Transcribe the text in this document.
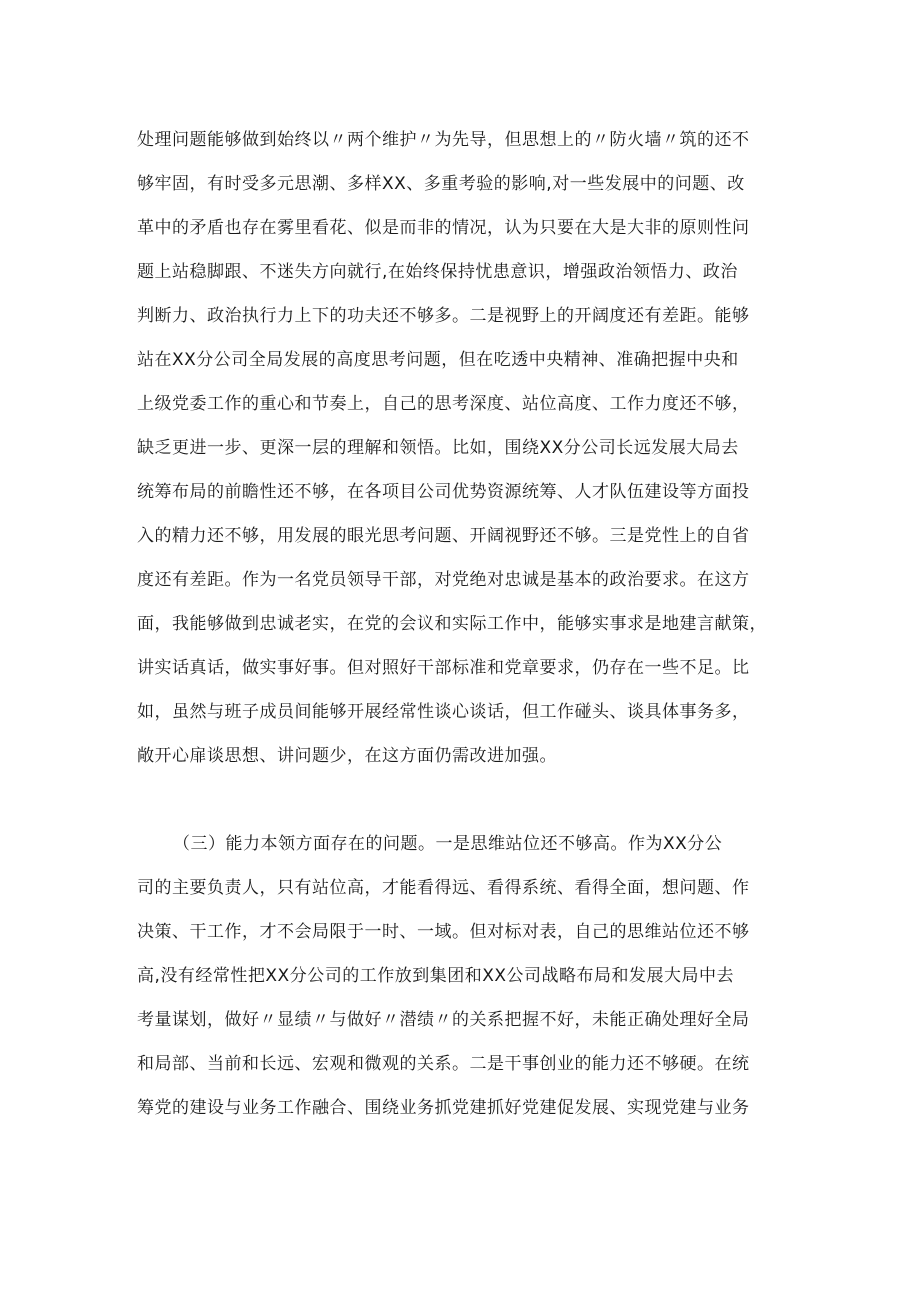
处理问题能够做到始终以〃两个维护〃为先导，但思想上的〃防火墙〃筑的还不
够牢固，有时受多元思潮、多样XX、多重考验的影响,对一些发展中的问题、改
革中的矛盾也存在雾里看花、似是而非的情况，认为只要在大是大非的原则性问
题上站稳脚跟、不迷失方向就行,在始终保持忧患意识，增强政治领悟力、政治
判断力、政治执行力上下的功夫还不够多。二是视野上的开阔度还有差距。能够
站在XX分公司全局发展的高度思考问题，但在吃透中央精神、准确把握中央和
上级党委工作的重心和节奏上，自己的思考深度、站位高度、工作力度还不够，
缺乏更进一步、更深一层的理解和领悟。比如，围绕XX分公司长远发展大局去
统筹布局的前瞻性还不够，在各项目公司优势资源统筹、人才队伍建设等方面投
入的精力还不够，用发展的眼光思考问题、开阔视野还不够。三是党性上的自省
度还有差距。作为一名党员领导干部，对党绝对忠诚是基本的政治要求。在这方
面，我能够做到忠诚老实，在党的会议和实际工作中，能够实事求是地建言献策，
讲实话真话，做实事好事。但对照好干部标准和党章要求，仍存在一些不足。比
如，虽然与班子成员间能够开展经常性谈心谈话，但工作碰头、谈具体事务多，
敞开心扉谈思想、讲问题少，在这方面仍需改进加强。
（三）能力本领方面存在的问题。一是思维站位还不够高。作为XX分公
司的主要负责人，只有站位高，才能看得远、看得系统、看得全面，想问题、作
决策、干工作，才不会局限于一时、一域。但对标对表，自己的思维站位还不够
高,没有经常性把XX分公司的工作放到集团和XX公司战略布局和发展大局中去
考量谋划，做好〃显绩〃与做好〃潜绩〃的关系把握不好，未能正确处理好全局
和局部、当前和长远、宏观和微观的关系。二是干事创业的能力还不够硬。在统
筹党的建设与业务工作融合、围绕业务抓党建抓好党建促发展、实现党建与业务
